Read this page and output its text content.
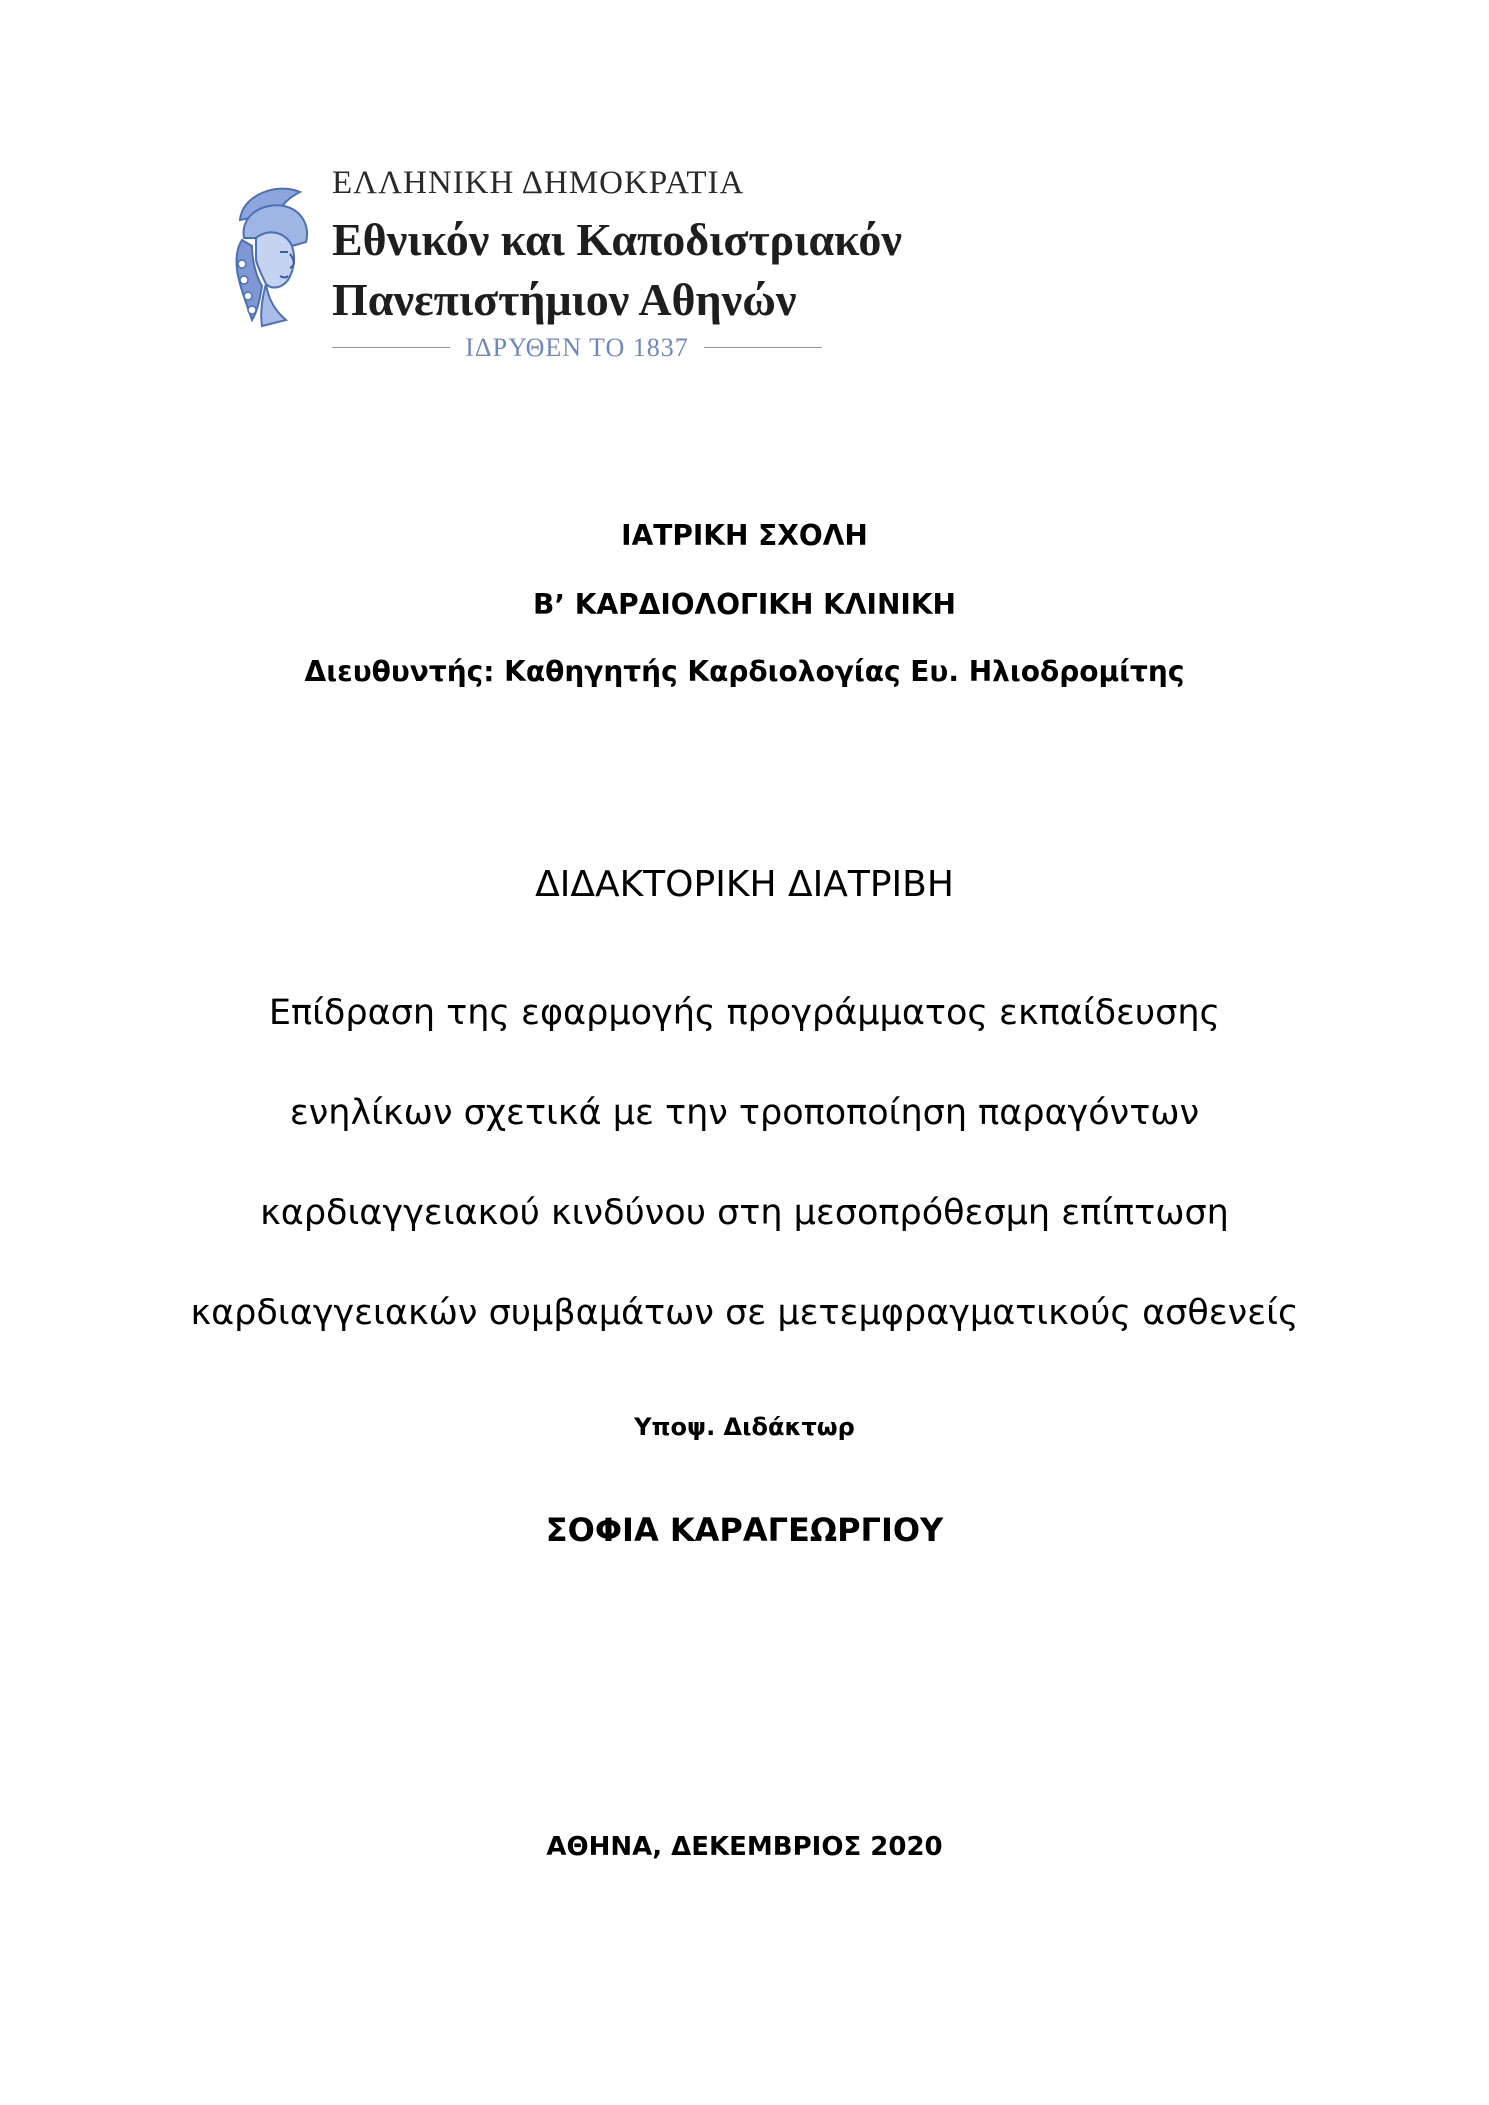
ΕΛΛΗΝΙΚΗ ΔΗΜΟΚΡΑΤΙΑ
Εθνικόν και Καποδιστριακόν
Πανεπιστήμιον Αθηνών
ΙΔΡΥΘΕΝ ΤΟ 1837
ΙΑΤΡΙΚΗ ΣΧΟΛΗ
Β’ ΚΑΡΔΙΟΛΟΓΙΚΗ ΚΛΙΝΙΚΗ
Διευθυντής: Καθηγητής Καρδιολογίας Ευ. Ηλιοδρομίτης
ΔΙΔΑΚΤΟΡΙΚΗ ΔΙΑΤΡΙΒΗ
Επίδραση της εφαρμογής προγράμματος εκπαίδευσης
ενηλίκων σχετικά με την τροποποίηση παραγόντων
καρδιαγγειακού κινδύνου στη μεσοπρόθεσμη επίπτωση
καρδιαγγειακών συμβαμάτων σε μετεμφραγματικούς ασθενείς
Υποψ. Διδάκτωρ
ΣΟΦΙΑ ΚΑΡΑΓΕΩΡΓΙΟΥ
ΑΘΗΝΑ, ΔΕΚΕΜΒΡΙΟΣ 2020
